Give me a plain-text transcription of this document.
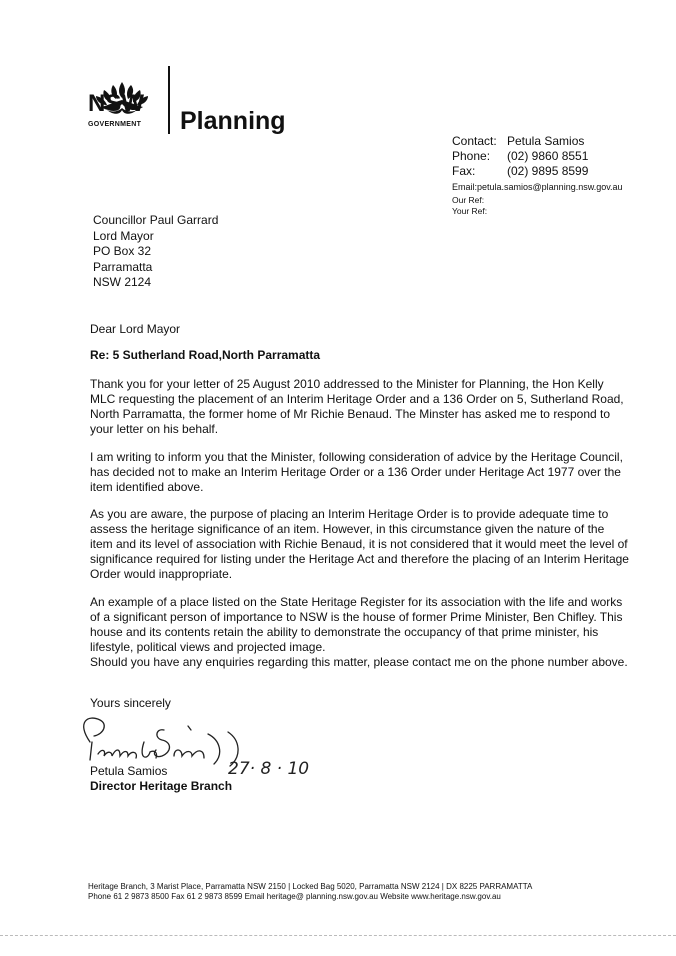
NSW
GOVERNMENT Planning
Contact: Petula Samios
Phone:	(02) 9860 8551
Fax:	(02) 9895 8599
Email:petula.samios@planning.nsw.gov.au
Our Ref:
Your Ref:
Councillor Paul Garrard
Lord Mayor
PO Box 32
Parramatta
NSW 2124
Dear Lord Mayor
Re: 5 Sutherland Road,North Parramatta

Thank you for your letter of 25 August 2010 addressed to the Minister for Planning, the Hon Kelly MLC requesting the placement of an Interim Heritage Order and a 136 Order on 5, Sutherland Road, North Parramatta, the former home of Mr Richie Benaud. The Minster has asked me to respond to your letter on his behalf.

I am writing to inform you that the Minister, following consideration of advice by the Heritage Council, has decided not to make an Interim Heritage Order or a 136 Order under Heritage Act 1977 over the item identified above.

As you are aware, the purpose of placing an Interim Heritage Order is to provide adequate time to assess the heritage significance of an item. However, in this circumstance given the nature of the item and its level of association with Richie Benaud, it is not considered that it would meet the level of significance required for listing under the Heritage Act and therefore the placing of an Interim Heritage Order would inappropriate.

An example of a place listed on the State Heritage Register for its association with the life and works of a significant person of importance to NSW is the house of former Prime Minister, Ben Chifley. This house and its contents retain the ability to demonstrate the occupancy of that prime minister, his lifestyle, political views and projected image.

Should you have any enquiries regarding this matter, please contact me on the phone number above.

Yours sincerely
27· 8 · 10
Petula Samios
Director Heritage Branch
Heritage Branch, 3 Marist Place, Parramatta NSW 2150 | Locked Bag 5020, Parramatta NSW 2124 | DX 8225 PARRAMATTA
Phone 61 2 9873 8500 Fax 61 2 9873 8599 Email heritage@ planning.nsw.gov.au Website www.heritage.nsw.gov.au
